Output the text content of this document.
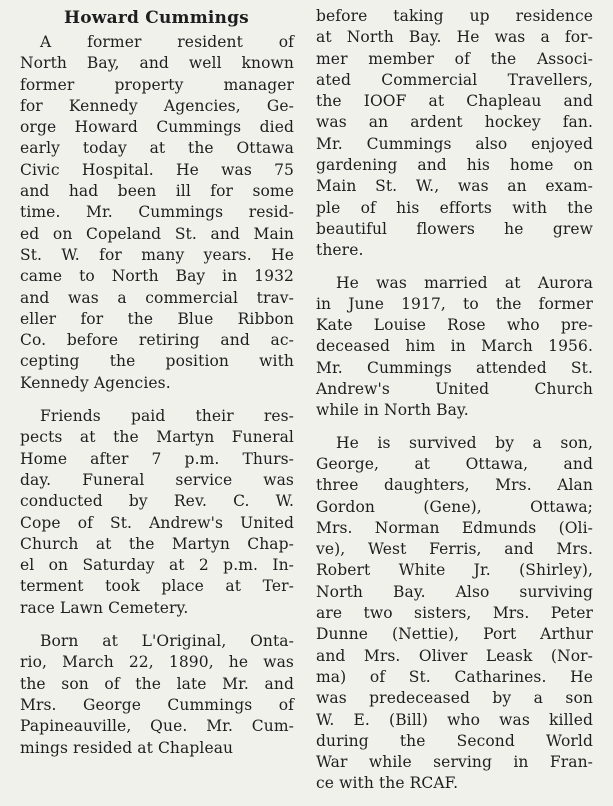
Howard Cummings
A former resident of
North Bay, and well known
former property manager
for Kennedy Agencies, Ge-
orge Howard Cummings died
early today at the Ottawa
Civic Hospital. He was 75
and had been ill for some
time. Mr. Cummings resid-
ed on Copeland St. and Main
St. W. for many years. He
came to North Bay in 1932
and was a commercial trav-
eller for the Blue Ribbon
Co. before retiring and ac-
cepting the position with
Kennedy Agencies.
Friends paid their res-
pects at the Martyn Funeral
Home after 7 p.m. Thurs-
day. Funeral service was
conducted by Rev. C. W.
Cope of St. Andrew's United
Church at the Martyn Chap-
el on Saturday at 2 p.m. In-
terment took place at Ter-
race Lawn Cemetery.
Born at L'Original, Onta-
rio, March 22, 1890, he was
the son of the late Mr. and
Mrs. George Cummings of
Papineauville, Que. Mr. Cum-
mings resided at Chapleau
before taking up residence
at North Bay. He was a for-
mer member of the Associ-
ated Commercial Travellers,
the IOOF at Chapleau and
was an ardent hockey fan.
Mr. Cummings also enjoyed
gardening and his home on
Main St. W., was an exam-
ple of his efforts with the
beautiful flowers he grew
there.
He was married at Aurora
in June 1917, to the former
Kate Louise Rose who pre-
deceased him in March 1956.
Mr. Cummings attended St.
Andrew's United Church
while in North Bay.
He is survived by a son,
George, at Ottawa, and
three daughters, Mrs. Alan
Gordon (Gene), Ottawa;
Mrs. Norman Edmunds (Oli-
ve), West Ferris, and Mrs.
Robert White Jr. (Shirley),
North Bay. Also surviving
are two sisters, Mrs. Peter
Dunne (Nettie), Port Arthur
and Mrs. Oliver Leask (Nor-
ma) of St. Catharines. He
was predeceased by a son
W. E. (Bill) who was killed
during the Second World
War while serving in Fran-
ce with the RCAF.
